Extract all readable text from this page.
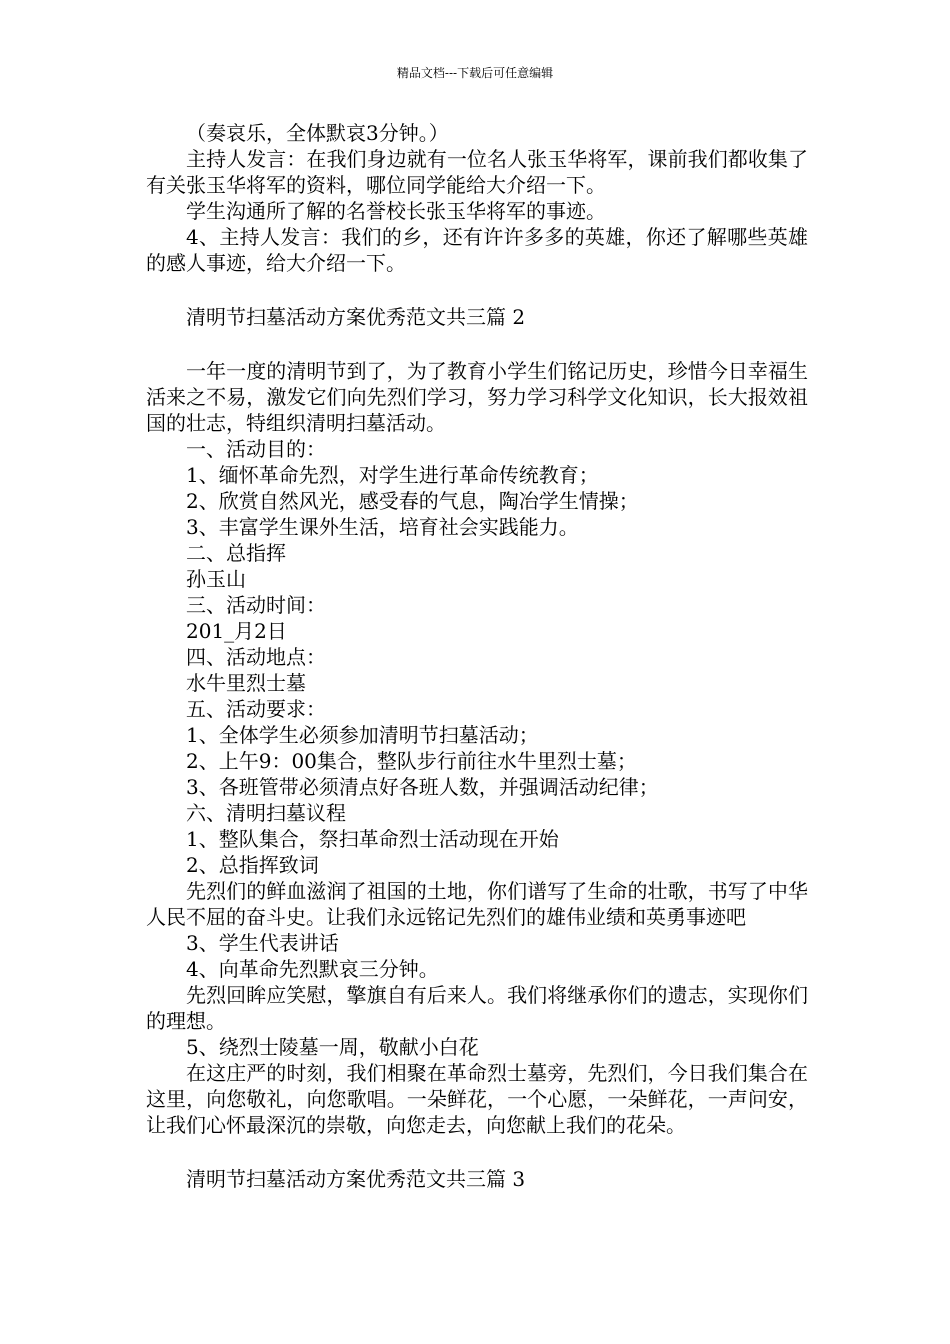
精品文档---下载后可任意编辑

（奏哀乐，全体默哀3分钟。）

主持人发言：在我们身边就有一位名人张玉华将军，课前我们都收集了有关张玉华将军的资料，哪位同学能给大介绍一下。

学生沟通所了解的名誉校长张玉华将军的事迹。

4、主持人发言：我们的乡，还有许许多多的英雄，你还了解哪些英雄的感人事迹，给大介绍一下。

清明节扫墓活动方案优秀范文共三篇 2

一年一度的清明节到了，为了教育小学生们铭记历史，珍惜今日幸福生活来之不易，激发它们向先烈们学习，努力学习科学文化知识，长大报效祖国的壮志，特组织清明扫墓活动。

一、活动目的：

1、缅怀革命先烈，对学生进行革命传统教育；

2、欣赏自然风光，感受春的气息，陶冶学生情操；

3、丰富学生课外生活，培育社会实践能力。

二、总指挥

孙玉山

三、活动时间：

201_月2日

四、活动地点：

水牛里烈士墓

五、活动要求：

1、全体学生必须参加清明节扫墓活动；

2、上午9：00集合，整队步行前往水牛里烈士墓；

3、各班管带必须清点好各班人数，并强调活动纪律；

六、清明扫墓议程

1、整队集合，祭扫革命烈士活动现在开始

2、总指挥致词

先烈们的鲜血滋润了祖国的土地，你们谱写了生命的壮歌，书写了中华人民不屈的奋斗史。让我们永远铭记先烈们的雄伟业绩和英勇事迹吧

3、学生代表讲话

4、向革命先烈默哀三分钟。

先烈回眸应笑慰，擎旗自有后来人。我们将继承你们的遗志，实现你们的理想。

5、绕烈士陵墓一周，敬献小白花

在这庄严的时刻，我们相聚在革命烈士墓旁，先烈们，今日我们集合在这里，向您敬礼，向您歌唱。一朵鲜花，一个心愿，一朵鲜花，一声问安，让我们心怀最深沉的崇敬，向您走去，向您献上我们的花朵。

清明节扫墓活动方案优秀范文共三篇 3
